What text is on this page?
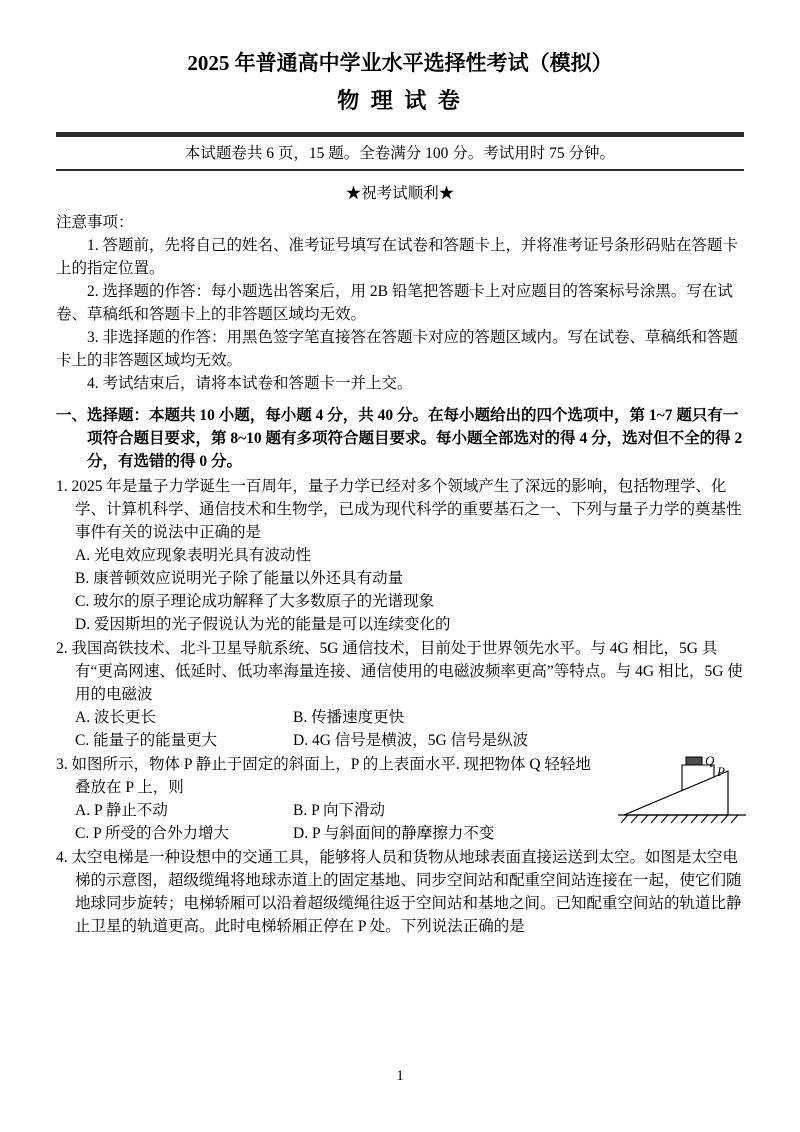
2025 年普通高中学业水平选择性考试（模拟）
物 理 试 卷

本试题卷共 6 页，15 题。全卷满分 100 分。考试用时 75 分钟。

★祝考试顺利★

注意事项：

1. 答题前，先将自己的姓名、准考证号填写在试卷和答题卡上，并将准考证号条形码贴在答题卡上的指定位置。

2. 选择题的作答：每小题选出答案后，用 2B 铅笔把答题卡上对应题目的答案标号涂黑。写在试卷、草稿纸和答题卡上的非答题区域均无效。

3. 非选择题的作答：用黑色签字笔直接答在答题卡对应的答题区域内。写在试卷、草稿纸和答题卡上的非答题区域均无效。

4. 考试结束后，请将本试卷和答题卡一并上交。

一、选择题：本题共 10 小题，每小题 4 分，共 40 分。在每小题给出的四个选项中，第 1~7 题只有一项符合题目要求，第 8~10 题有多项符合题目要求。每小题全部选对的得 4 分，选对但不全的得 2 分，有选错的得 0 分。

1. 2025 年是量子力学诞生一百周年，量子力学已经对多个领域产生了深远的影响，包括物理学、化学、计算机科学、通信技术和生物学，已成为现代科学的重要基石之一、下列与量子力学的奠基性事件有关的说法中正确的是

A. 光电效应现象表明光具有波动性

B. 康普顿效应说明光子除了能量以外还具有动量

C. 玻尔的原子理论成功解释了大多数原子的光谱现象

D. 爱因斯坦的光子假说认为光的能量是可以连续变化的

2. 我国高铁技术、北斗卫星导航系统、5G 通信技术，目前处于世界领先水平。与 4G 相比，5G 具有“更高网速、低延时、低功率海量连接、通信使用的电磁波频率更高”等特点。与 4G 相比，5G 使用的电磁波

A. 波长更长	B. 传播速度更快

C. 能量子的能量更大	D. 4G 信号是横波，5G 信号是纵波

Q
P

3. 如图所示，物体 P 静止于固定的斜面上，P 的上表面水平. 现把物体 Q 轻轻地叠放在 P 上，则

A. P 静止不动	B. P 向下滑动

C. P 所受的合外力增大	D. P 与斜面间的静摩擦力不变

4. 太空电梯是一种设想中的交通工具，能够将人员和货物从地球表面直接运送到太空。如图是太空电梯的示意图，超级缆绳将地球赤道上的固定基地、同步空间站和配重空间站连接在一起，使它们随地球同步旋转；电梯轿厢可以沿着超级缆绳往返于空间站和基地之间。已知配重空间站的轨道比静止卫星的轨道更高。此时电梯轿厢正停在 P 处。下列说法正确的是

1
